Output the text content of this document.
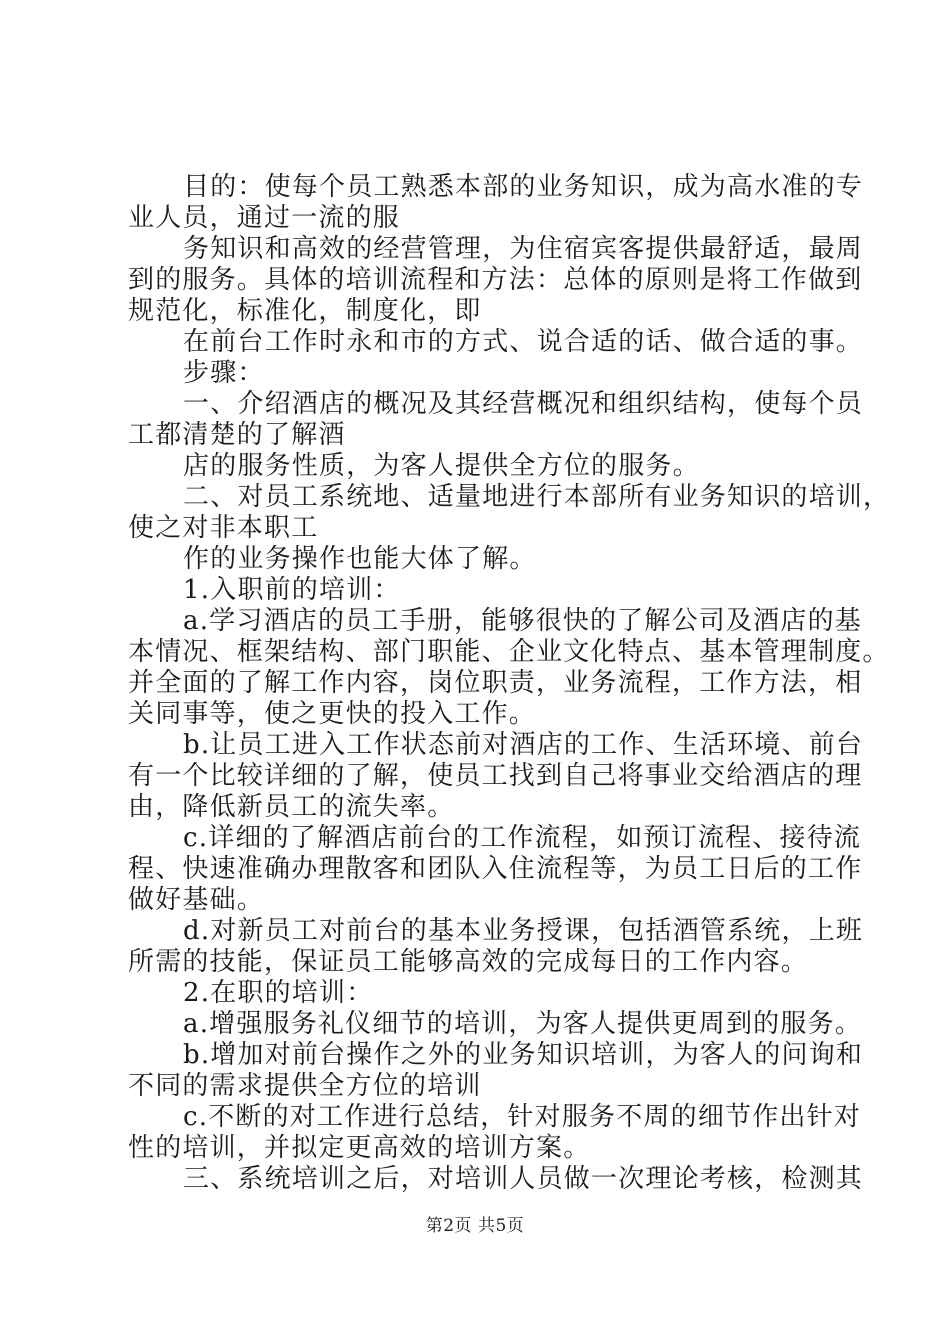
目的：使每个员工熟悉本部的业务知识，成为高水准的专
业人员，通过一流的服
务知识和高效的经营管理，为住宿宾客提供最舒适，最周
到的服务。具体的培训流程和方法：总体的原则是将工作做到
规范化，标准化，制度化，即
在前台工作时永和市的方式、说合适的话、做合适的事。
步骤：
一、介绍酒店的概况及其经营概况和组织结构，使每个员
工都清楚的了解酒
店的服务性质，为客人提供全方位的服务。
二、对员工系统地、适量地进行本部所有业务知识的培训，
使之对非本职工
作的业务操作也能大体了解。
1.入职前的培训：
a.学习酒店的员工手册，能够很快的了解公司及酒店的基
本情况、框架结构、部门职能、企业文化特点、基本管理制度。
并全面的了解工作内容，岗位职责，业务流程，工作方法，相
关同事等，使之更快的投入工作。
b.让员工进入工作状态前对酒店的工作、生活环境、前台
有一个比较详细的了解，使员工找到自己将事业交给酒店的理
由，降低新员工的流失率。
c.详细的了解酒店前台的工作流程，如预订流程、接待流
程、快速准确办理散客和团队入住流程等，为员工日后的工作
做好基础。
d.对新员工对前台的基本业务授课，包括酒管系统，上班
所需的技能，保证员工能够高效的完成每日的工作内容。
2.在职的培训：
a.增强服务礼仪细节的培训，为客人提供更周到的服务。
b.增加对前台操作之外的业务知识培训，为客人的问询和
不同的需求提供全方位的培训
c.不断的对工作进行总结，针对服务不周的细节作出针对
性的培训，并拟定更高效的培训方案。
三、系统培训之后，对培训人员做一次理论考核，检测其
第2页 共5页
